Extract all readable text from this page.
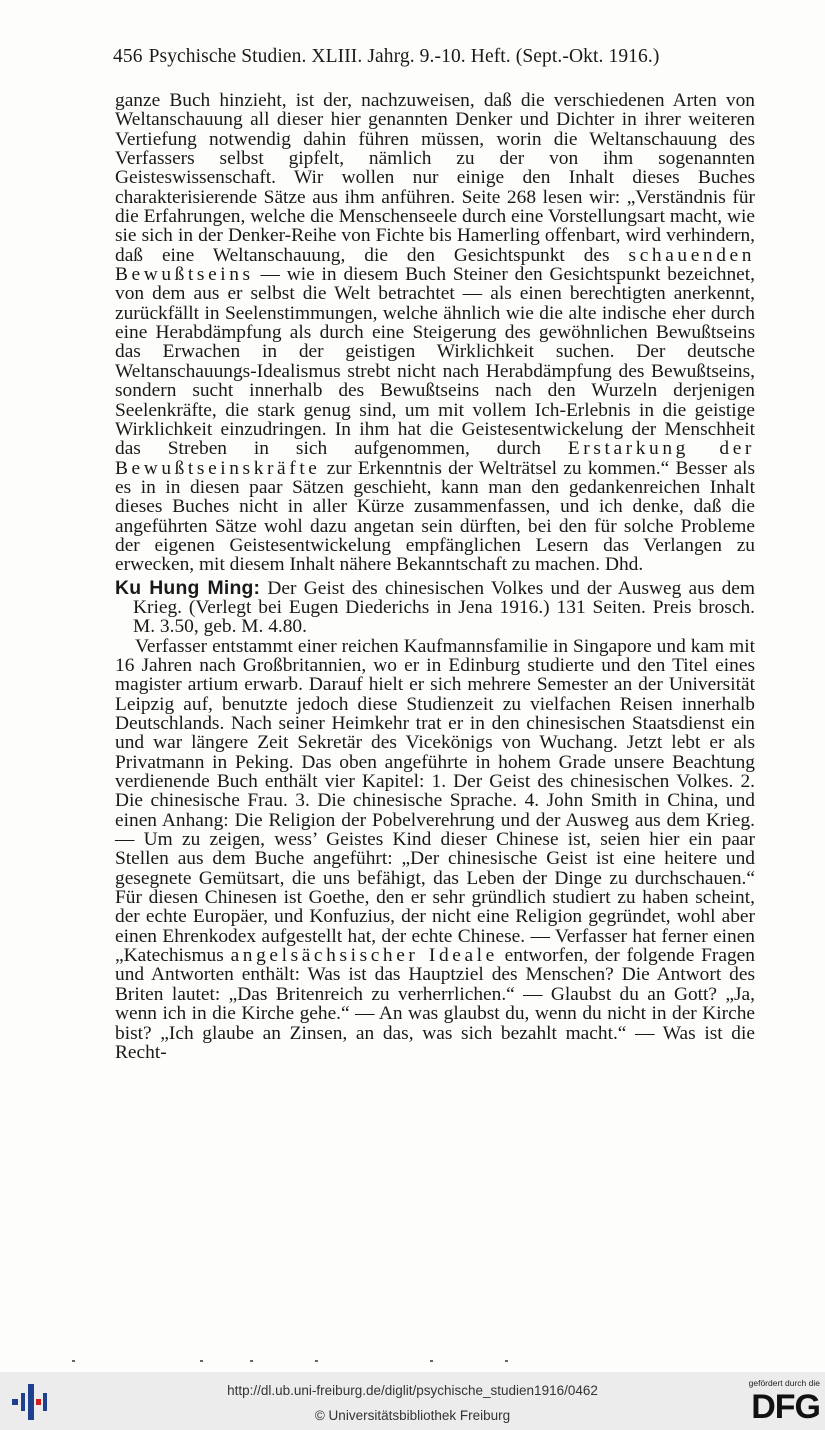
456 Psychische Studien. XLIII. Jahrg. 9.-10. Heft. (Sept.-Okt. 1916.)

ganze Buch hinzieht, ist der, nachzuweisen, daß die verschiedenen Arten von Weltanschauung all dieser hier genannten Denker und Dichter in ihrer weiteren Vertiefung notwendig dahin führen müssen, worin die Weltanschauung des Verfassers selbst gipfelt, nämlich zu der von ihm sogenannten Geisteswissenschaft. Wir wollen nur einige den Inhalt dieses Buches charakterisierende Sätze aus ihm anführen. Seite 268 lesen wir: „Verständnis für die Erfahrungen, welche die Menschenseele durch eine Vorstellungsart macht, wie sie sich in der Denker-Reihe von Fichte bis Hamerling offenbart, wird verhindern, daß eine Weltanschauung, die den Gesichtspunkt des schauenden Bewußtseins — wie in diesem Buch Steiner den Gesichtspunkt bezeichnet, von dem aus er selbst die Welt betrachtet — als einen berechtigten anerkennt, zurückfällt in Seelenstimmungen, welche ähnlich wie die alte indische eher durch eine Herabdämpfung als durch eine Steigerung des gewöhnlichen Bewußtseins das Erwachen in der geistigen Wirklichkeit suchen. Der deutsche Weltanschauungs-Idealismus strebt nicht nach Herabdämpfung des Bewußtseins, sondern sucht innerhalb des Bewußtseins nach den Wurzeln derjenigen Seelenkräfte, die stark genug sind, um mit vollem Ich-Erlebnis in die geistige Wirklichkeit einzudringen. In ihm hat die Geistesentwickelung der Menschheit das Streben in sich aufgenommen, durch Erstarkung der Bewußtseinskräfte zur Erkenntnis der Welträtsel zu kommen.“ Besser als es in in diesen paar Sätzen geschieht, kann man den gedankenreichen Inhalt dieses Buches nicht in aller Kürze zusammenfassen, und ich denke, daß die angeführten Sätze wohl dazu angetan sein dürften, bei den für solche Probleme der eigenen Geistesentwickelung empfänglichen Lesern das Verlangen zu erwecken, mit diesem Inhalt nähere Bekanntschaft zu machen. Dhd.

Ku Hung Ming: Der Geist des chinesischen Volkes und der Ausweg aus dem Krieg. (Verlegt bei Eugen Diederichs in Jena 1916.) 131 Seiten. Preis brosch. M. 3.50, geb. M. 4.80.

Verfasser entstammt einer reichen Kaufmannsfamilie in Singapore und kam mit 16 Jahren nach Großbritannien, wo er in Edinburg studierte und den Titel eines magister artium erwarb. Darauf hielt er sich mehrere Semester an der Universität Leipzig auf, benutzte jedoch diese Studienzeit zu vielfachen Reisen innerhalb Deutschlands. Nach seiner Heimkehr trat er in den chinesischen Staatsdienst ein und war längere Zeit Sekretär des Vicekönigs von Wuchang. Jetzt lebt er als Privatmann in Peking. Das oben angeführte in hohem Grade unsere Beachtung verdienende Buch enthält vier Kapitel: 1. Der Geist des chinesischen Volkes. 2. Die chinesische Frau. 3. Die chinesische Sprache. 4. John Smith in China, und einen Anhang: Die Religion der Pobelverehrung und der Ausweg aus dem Krieg. — Um zu zeigen, wess’ Geistes Kind dieser Chinese ist, seien hier ein paar Stellen aus dem Buche angeführt: „Der chinesische Geist ist eine heitere und gesegnete Gemütsart, die uns befähigt, das Leben der Dinge zu durchschauen.“ Für diesen Chinesen ist Goethe, den er sehr gründlich studiert zu haben scheint, der echte Europäer, und Konfuzius, der nicht eine Religion gegründet, wohl aber einen Ehrenkodex aufgestellt hat, der echte Chinese. — Verfasser hat ferner einen „Katechismus angelsächsischer Ideale entworfen, der folgende Fragen und Antworten enthält: Was ist das Hauptziel des Menschen? Die Antwort des Briten lautet: „Das Britenreich zu verherrlichen.“ — Glaubst du an Gott? „Ja, wenn ich in die Kirche gehe.“ — An was glaubst du, wenn du nicht in der Kirche bist? „Ich glaube an Zinsen, an das, was sich bezahlt macht.“ — Was ist die Recht-

http://dl.ub.uni-freiburg.de/diglit/psychische_studien1916/0462
© Universitätsbibliothek Freiburg
gefördert durch die
DFG
